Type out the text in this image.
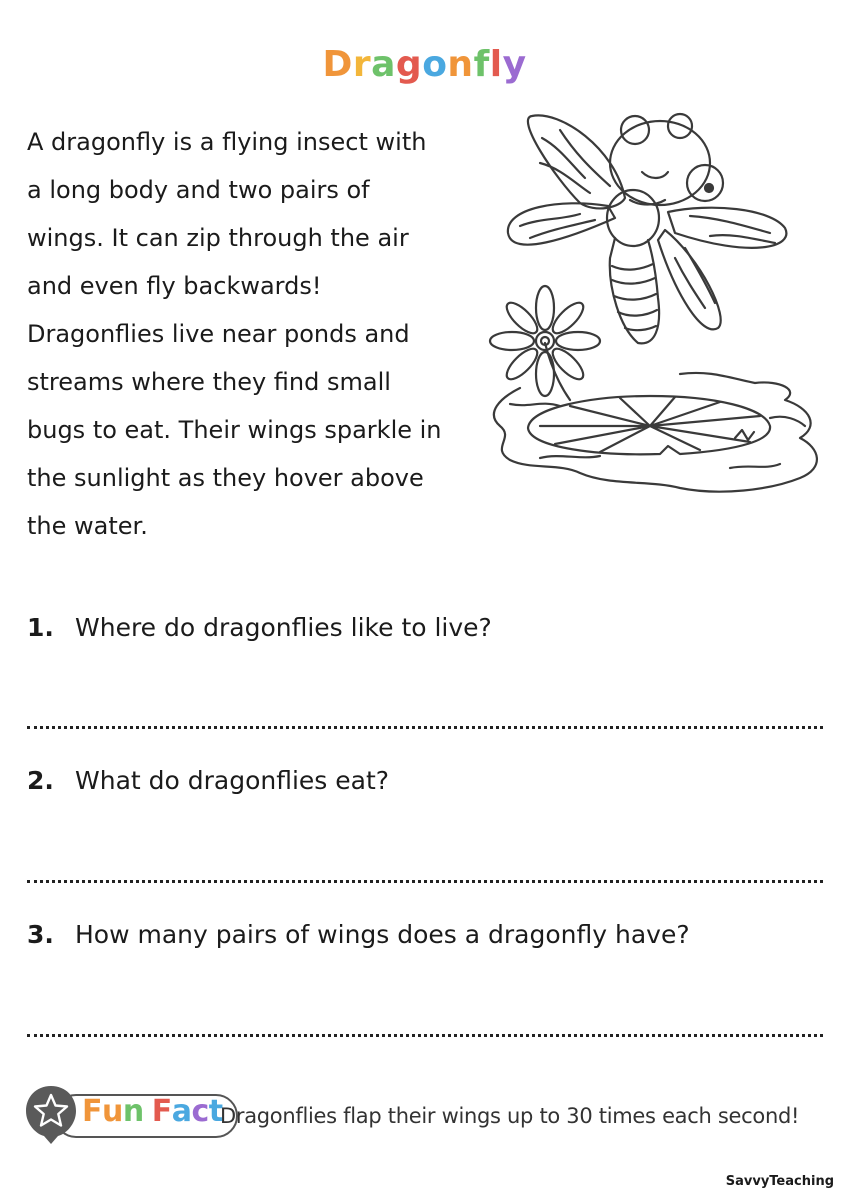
Dragonfly
A dragonfly is a flying insect with
a long body and two pairs of
wings. It can zip through the air
and even fly backwards!
Dragonflies live near ponds and
streams where they find small
bugs to eat. Their wings sparkle in
the sunlight as they hover above
the water.
1. Where do dragonflies like to live?
2. What do dragonflies eat?
3. How many pairs of wings does a dragonfly have?
Fun Fact
Dragonflies flap their wings up to 30 times each second!
SavvyTeaching
